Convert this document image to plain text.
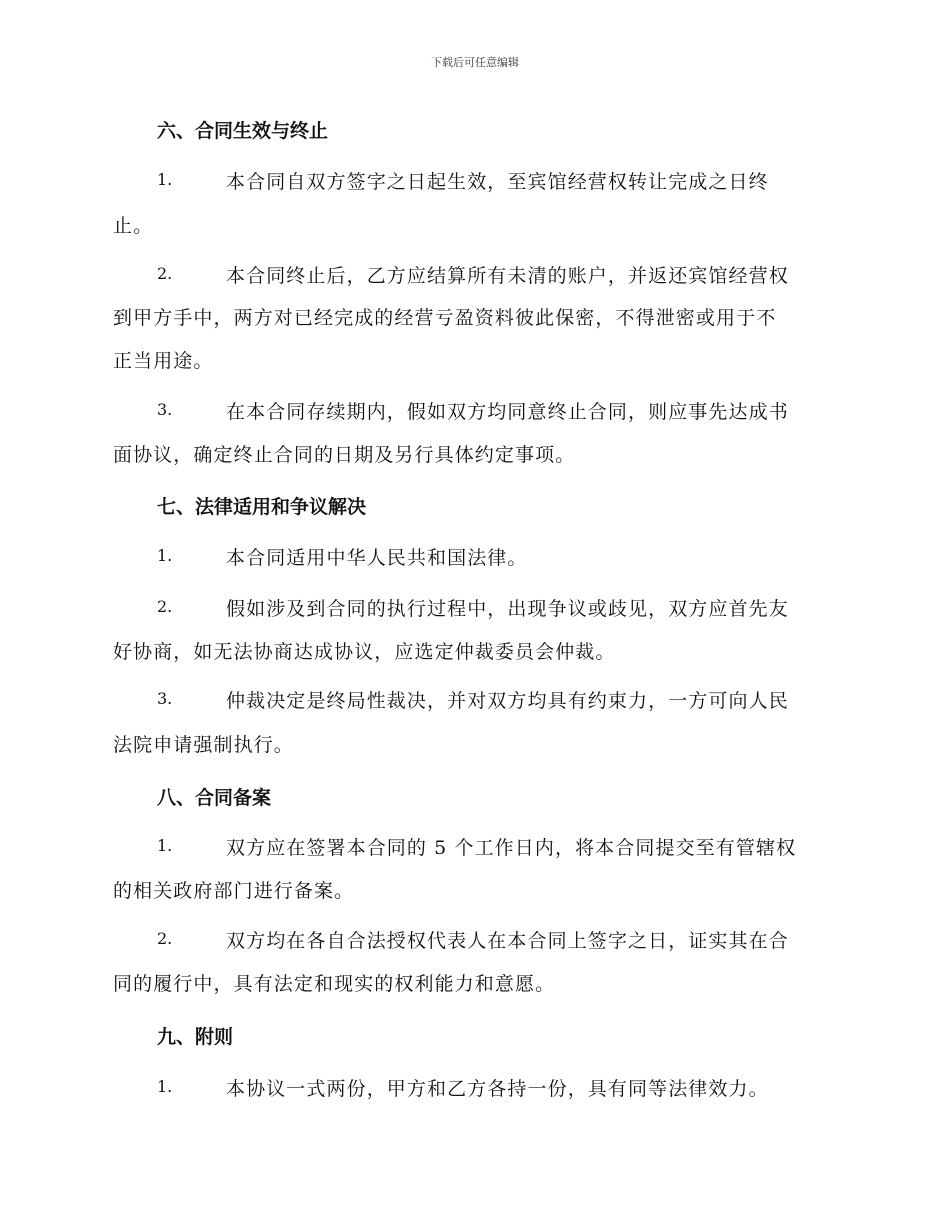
下载后可任意编辑
六、合同生效与终止
1.	本合同自双方签字之日起生效，至宾馆经营权转让完成之日终
止。
2.	本合同终止后，乙方应结算所有未清的账户，并返还宾馆经营权
到甲方手中，两方对已经完成的经营亏盈资料彼此保密，不得泄密或用于不
正当用途。
3.	在本合同存续期内，假如双方均同意终止合同，则应事先达成书
面协议，确定终止合同的日期及另行具体约定事项。
七、法律适用和争议解决
1.	本合同适用中华人民共和国法律。
2.	假如涉及到合同的执行过程中，出现争议或歧见，双方应首先友
好协商，如无法协商达成协议，应选定仲裁委员会仲裁。
3.	仲裁决定是终局性裁决，并对双方均具有约束力，一方可向人民
法院申请强制执行。
八、合同备案
1.	双方应在签署本合同的 5 个工作日内，将本合同提交至有管辖权
的相关政府部门进行备案。
2.	双方均在各自合法授权代表人在本合同上签字之日，证实其在合
同的履行中，具有法定和现实的权利能力和意愿。
九、附则
1.	本协议一式两份，甲方和乙方各持一份，具有同等法律效力。
